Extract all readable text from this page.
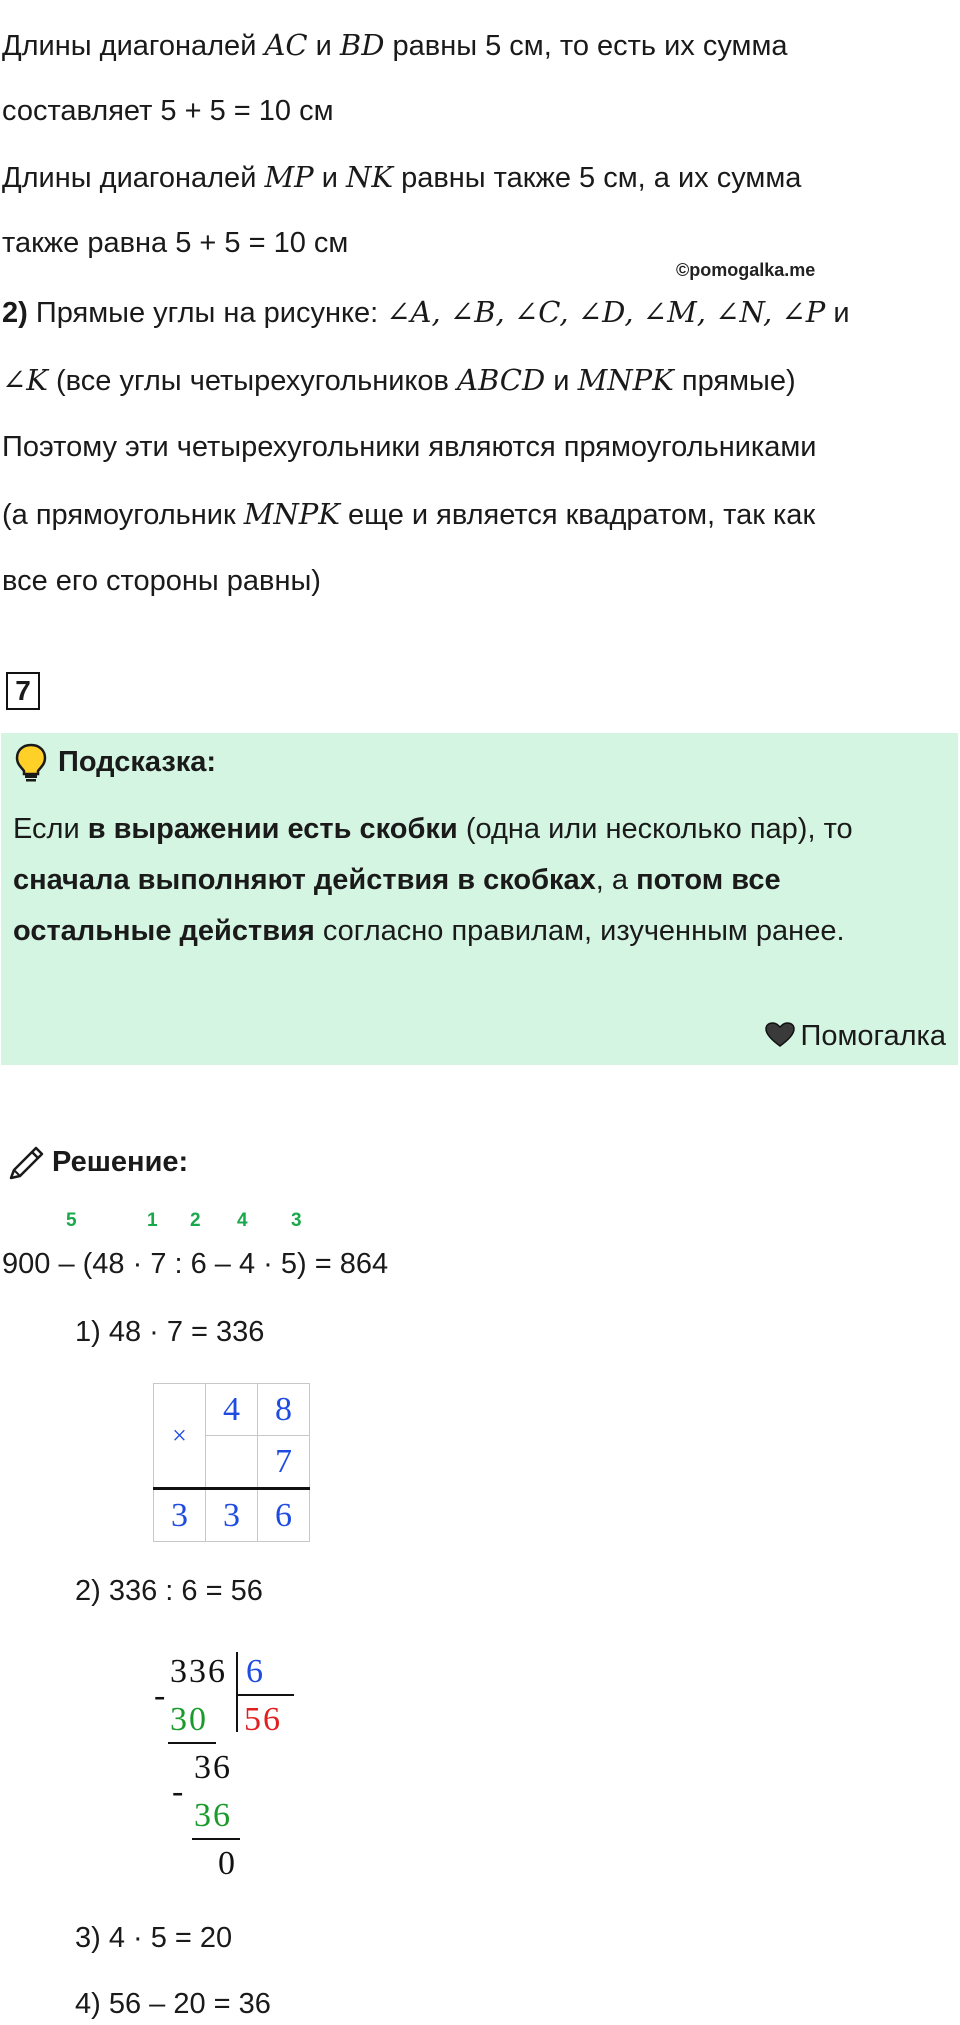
Длины диагоналей AC и BD равны 5 см, то есть их сумма
составляет 5 + 5 = 10 см
Длины диагоналей MP и NK равны также 5 см, а их сумма
также равна 5 + 5 = 10 см
©pomogalka.me
2) Прямые углы на рисунке: ∠A, ∠B, ∠C, ∠D, ∠M, ∠N, ∠P и
∠K (все углы четырехугольников ABCD и MNPK прямые)
Поэтому эти четырехугольники являются прямоугольниками
(а прямоугольник MNPK еще и является квадратом, так как
все его стороны равны)
7
Подсказка:
Если в выражении есть скобки (одна или несколько пар), то сначала выполняют действия в скобках, а потом все остальные действия согласно правилам, изученным ранее.
Помогалка
Решение:
5	1 2 4 3
900 – (48 · 7 : 6 – 4 · 5) = 864
1) 48 · 7 = 336
×	4	8
		7
3	3	6
2) 336 : 6 = 56
336 6
56
-
30
36
-
36
0
3) 4 · 5 = 20
4) 56 – 20 = 36
